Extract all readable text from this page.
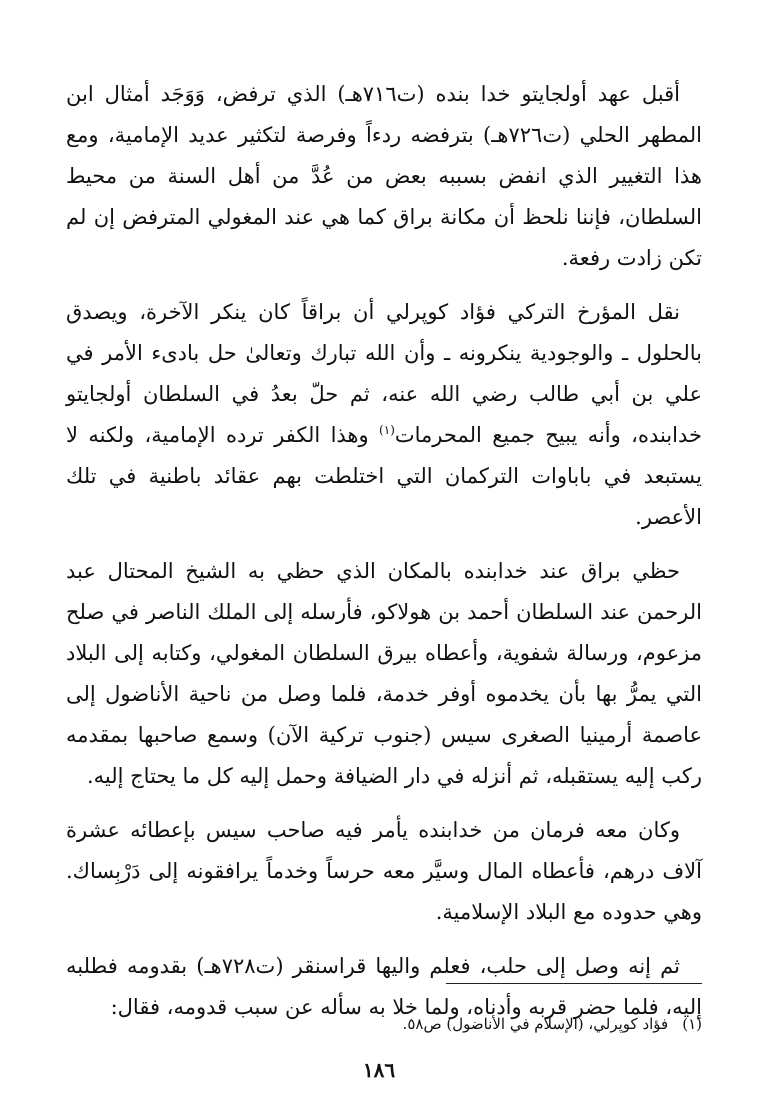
أقبل عهد أولجايتو خدا بنده (ت٧١٦هـ) الذي ترفض، وَوَجَد أمثال ابن المطهر الحلي (ت٧٢٦هـ) بترفضه ردءاً وفرصة لتكثير عديد الإمامية، ومع هذا التغيير الذي انفض بسببه بعض من عُدَّ من أهل السنة من محيط السلطان، فإننا نلحظ أن مكانة براق كما هي عند المغولي المترفض إن لم تكن زادت رفعة.

نقل المؤرخ التركي فؤاد كوپرلي أن براقاً كان ينكر الآخرة، ويصدق بالحلول ـ والوجودية ينكرونه ـ وأن الله تبارك وتعالىٰ حل بادىء الأمر في علي بن أبي طالب رضي الله عنه، ثم حلّ بعدُ في السلطان أولجايتو خدابنده، وأنه يبيح جميع المحرمات$^{(١)}$ وهذا الكفر ترده الإمامية، ولكنه لا يستبعد في باباوات التركمان التي اختلطت بهم عقائد باطنية في تلك الأعصر.

حظي براق عند خدابنده بالمكان الذي حظي به الشيخ المحتال عبد الرحمن عند السلطان أحمد بن هولاكو، فأرسله إلى الملك الناصر في صلح مزعوم، ورسالة شفوية، وأعطاه بيرق السلطان المغولي، وكتابه إلى البلاد التي يمرُّ بها بأن يخدموه أوفر خدمة، فلما وصل من ناحية الأناضول إلى عاصمة أرمينيا الصغرى سيس (جنوب تركية الآن) وسمع صاحبها بمقدمه ركب إليه يستقبله، ثم أنزله في دار الضيافة وحمل إليه كل ما يحتاج إليه.

وكان معه فرمان من خدابنده يأمر فيه صاحب سيس بإعطائه عشرة آلاف درهم، فأعطاه المال وسيَّر معه حرساً وخدماً يرافقونه إلى دَرْبِساك. وهي حدوده مع البلاد الإسلامية.

ثم إنه وصل إلى حلب، فعلم واليها قراسنقر (ت٧٢٨هـ) بقدومه فطلبه إليه، فلما حضر قربه وأدناه، ولما خلا به سأله عن سبب قدومه، فقال:

(١)فؤاد كوپرلي، (الإسلام في الأناضول) ص٥٨.
١٨٦
